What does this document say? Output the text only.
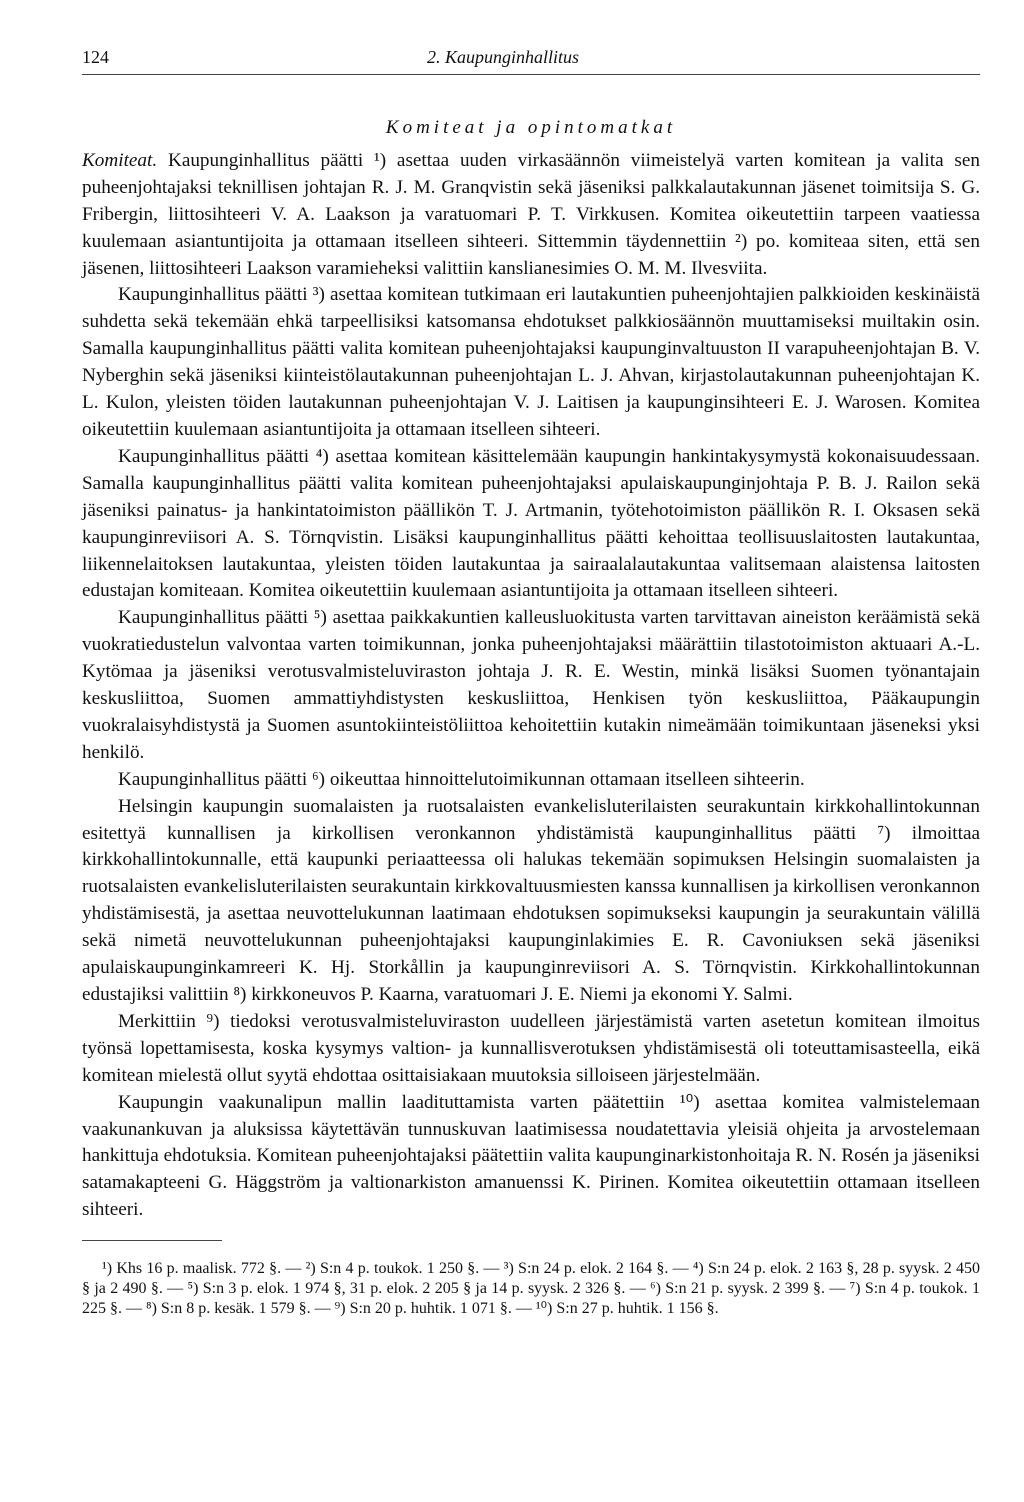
124	2. Kaupunginhallitus
Komiteat ja opintomatkat

Komiteat. Kaupunginhallitus päätti ¹) asettaa uuden virkasäännön viimeistelyä varten komitean ja valita sen puheenjohtajaksi teknillisen johtajan R. J. M. Granqvistin sekä jäseniksi palkkalautakunnan jäsenet toimitsija S. G. Fribergin, liittosihteeri V. A. Laakson ja varatuomari P. T. Virkkusen. Komitea oikeutettiin tarpeen vaatiessa kuulemaan asiantuntijoita ja ottamaan itselleen sihteeri. Sittemmin täydennettiin ²) po. komiteaa siten, että sen jäsenen, liittosihteeri Laakson varamieheksi valittiin kanslianesimies O. M. M. Ilvesviita.

Kaupunginhallitus päätti ³) asettaa komitean tutkimaan eri lautakuntien puheenjohtajien palkkioiden keskinäistä suhdetta sekä tekemään ehkä tarpeellisiksi katsomansa ehdotukset palkkiosäännön muuttamiseksi muiltakin osin. Samalla kaupunginhallitus päätti valita komitean puheenjohtajaksi kaupunginvaltuuston II varapuheenjohtajan B. V. Nyberghin sekä jäseniksi kiinteistölautakunnan puheenjohtajan L. J. Ahvan, kirjastolautakunnan puheenjohtajan K. L. Kulon, yleisten töiden lautakunnan puheenjohtajan V. J. Laitisen ja kaupunginsihteeri E. J. Warosen. Komitea oikeutettiin kuulemaan asiantuntijoita ja ottamaan itselleen sihteeri.

Kaupunginhallitus päätti ⁴) asettaa komitean käsittelemään kaupungin hankintakysymystä kokonaisuudessaan. Samalla kaupunginhallitus päätti valita komitean puheenjohtajaksi apulaiskaupunginjohtaja P. B. J. Railon sekä jäseniksi painatus- ja hankintatoimiston päällikön T. J. Artmanin, työtehotoimiston päällikön R. I. Oksasen sekä kaupunginreviisori A. S. Törnqvistin. Lisäksi kaupunginhallitus päätti kehoittaa teollisuuslaitosten lautakuntaa, liikennelaitoksen lautakuntaa, yleisten töiden lautakuntaa ja sairaalalautakuntaa valitsemaan alaistensa laitosten edustajan komiteaan. Komitea oikeutettiin kuulemaan asiantuntijoita ja ottamaan itselleen sihteeri.

Kaupunginhallitus päätti ⁵) asettaa paikkakuntien kalleusluokitusta varten tarvittavan aineiston keräämistä sekä vuokratiedustelun valvontaa varten toimikunnan, jonka puheenjohtajaksi määrättiin tilastotoimiston aktuaari A.-L. Kytömaa ja jäseniksi verotusvalmisteluviraston johtaja J. R. E. Westin, minkä lisäksi Suomen työnantajain keskusliittoa, Suomen ammattiyhdistysten keskusliittoa, Henkisen työn keskusliittoa, Pääkaupungin vuokralaisyhdistystä ja Suomen asuntokiinteistöliittoa kehoitettiin kutakin nimeämään toimikuntaan jäseneksi yksi henkilö.

Kaupunginhallitus päätti ⁶) oikeuttaa hinnoittelutoimikunnan ottamaan itselleen sihteerin.

Helsingin kaupungin suomalaisten ja ruotsalaisten evankelisluterilaisten seurakuntain kirkkohallintokunnan esitettyä kunnallisen ja kirkollisen veronkannon yhdistämistä kaupunginhallitus päätti ⁷) ilmoittaa kirkkohallintokunnalle, että kaupunki periaatteessa oli halukas tekemään sopimuksen Helsingin suomalaisten ja ruotsalaisten evankelisluterilaisten seurakuntain kirkkovaltuusmiesten kanssa kunnallisen ja kirkollisen veronkannon yhdistämisestä, ja asettaa neuvottelukunnan laatimaan ehdotuksen sopimukseksi kaupungin ja seurakuntain välillä sekä nimetä neuvottelukunnan puheenjohtajaksi kaupunginlakimies E. R. Cavoniuksen sekä jäseniksi apulaiskaupunginkamreeri K. Hj. Storkållin ja kaupunginreviisori A. S. Törnqvistin. Kirkkohallintokunnan edustajiksi valittiin ⁸) kirkkoneuvos P. Kaarna, varatuomari J. E. Niemi ja ekonomi Y. Salmi.

Merkittiin ⁹) tiedoksi verotusvalmisteluviraston uudelleen järjestämistä varten asetetun komitean ilmoitus työnsä lopettamisesta, koska kysymys valtion- ja kunnallisverotuksen yhdistämisestä oli toteuttamisasteella, eikä komitean mielestä ollut syytä ehdottaa osittaisiakaan muutoksia silloiseen järjestelmään.

Kaupungin vaakunalipun mallin laadituttamista varten päätettiin ¹⁰) asettaa komitea valmistelemaan vaakunankuvan ja aluksissa käytettävän tunnuskuvan laatimisessa noudatettavia yleisiä ohjeita ja arvostelemaan hankittuja ehdotuksia. Komitean puheenjohtajaksi päätettiin valita kaupunginarkistonhoitaja R. N. Rosén ja jäseniksi satamakapteeni G. Häggström ja valtionarkiston amanuenssi K. Pirinen. Komitea oikeutettiin ottamaan itselleen sihteeri.

¹) Khs 16 p. maalisk. 772 §. — ²) S:n 4 p. toukok. 1 250 §. — ³) S:n 24 p. elok. 2 164 §. — ⁴) S:n 24 p. elok. 2 163 §, 28 p. syysk. 2 450 § ja 2 490 §. — ⁵) S:n 3 p. elok. 1 974 §, 31 p. elok. 2 205 § ja 14 p. syysk. 2 326 §. — ⁶) S:n 21 p. syysk. 2 399 §. — ⁷) S:n 4 p. toukok. 1 225 §. — ⁸) S:n 8 p. kesäk. 1 579 §. — ⁹) S:n 20 p. huhtik. 1 071 §. — ¹⁰) S:n 27 p. huhtik. 1 156 §.
